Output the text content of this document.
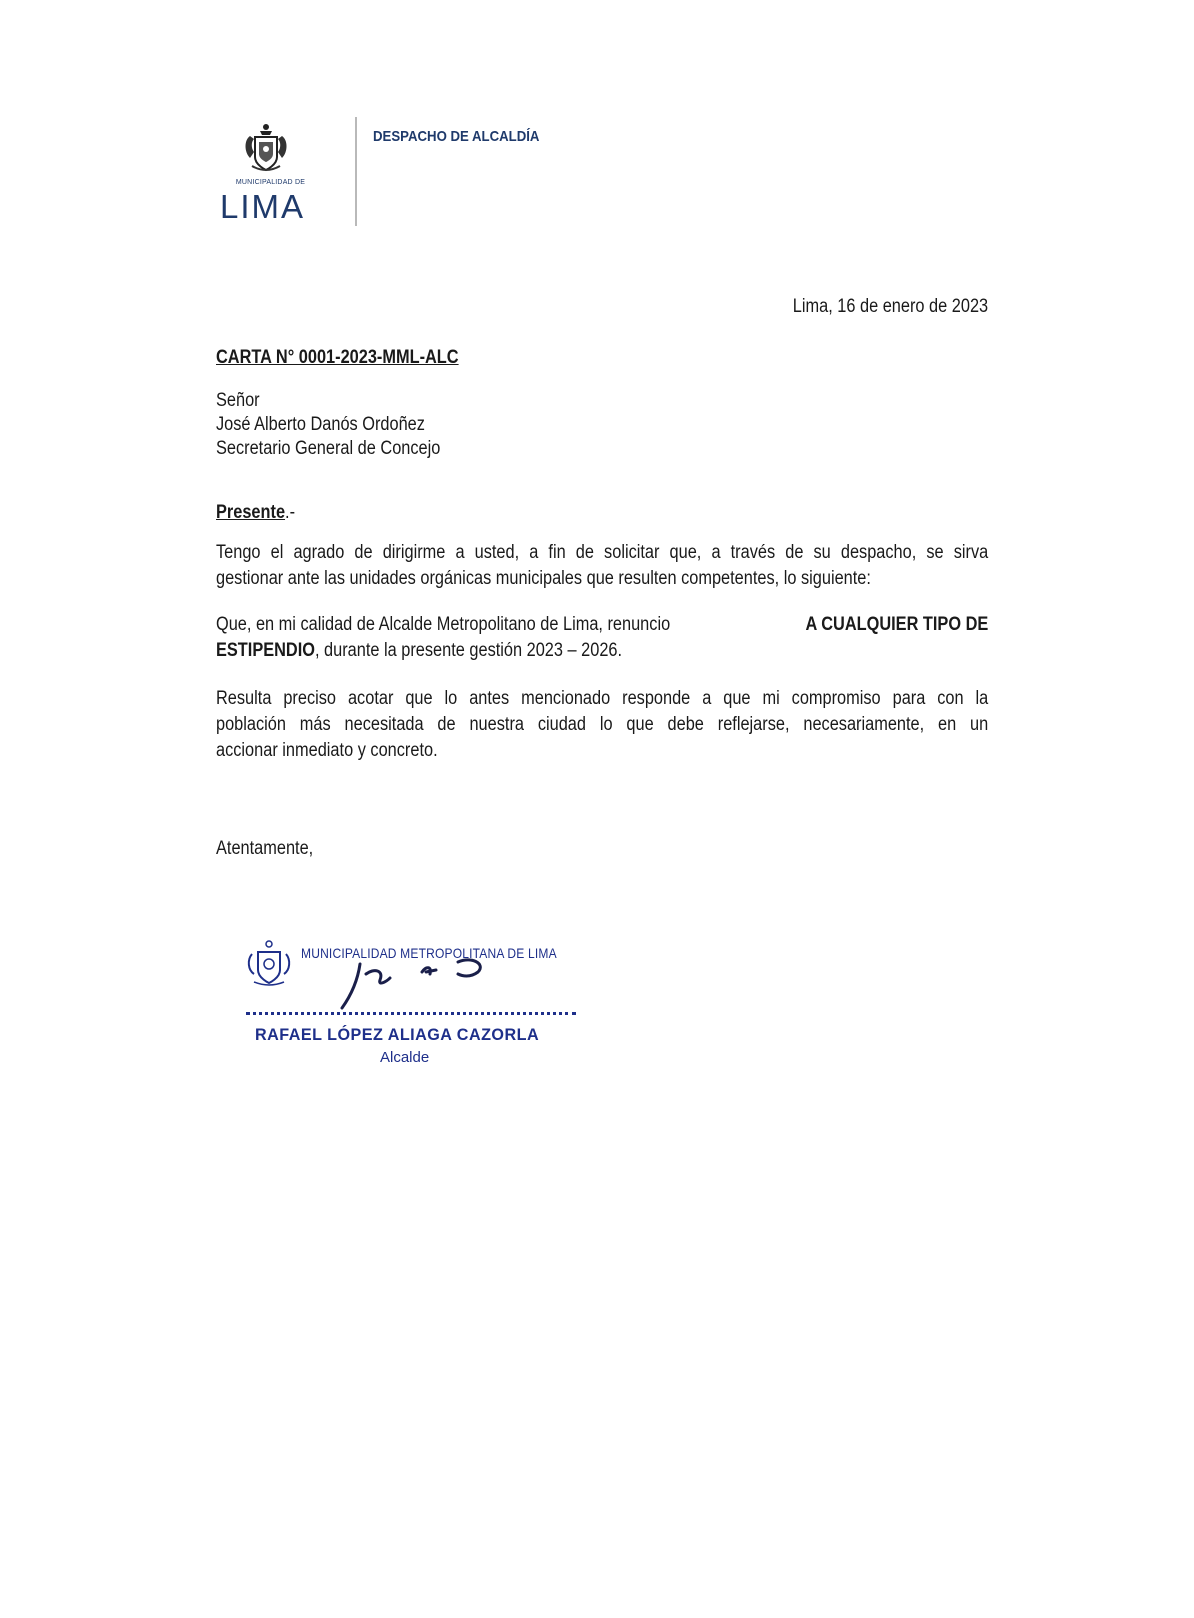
MUNICIPALIDAD DE
LIMA
DESPACHO DE ALCALDÍA
Lima, 16 de enero de 2023
CARTA N° 0001-2023-MML-ALC
Señor
José Alberto Danós Ordoñez
Secretario General de Concejo
Presente.-
Tengo el agrado de dirigirme a usted, a fin de solicitar que, a través de su despacho, se sirva
gestionar ante las unidades orgánicas municipales que resulten competentes, lo siguiente:
Que, en mi calidad de Alcalde Metropolitano de Lima, renuncio	A CUALQUIER TIPO DE
ESTIPENDIO, durante la presente gestión 2023 – 2026.
Resulta preciso acotar que lo antes mencionado responde a que mi compromiso para con la
población más necesitada de nuestra ciudad lo que debe reflejarse, necesariamente, en un
accionar inmediato y concreto.
Atentamente,
MUNICIPALIDAD METROPOLITANA DE LIMA
RAFAEL LÓPEZ ALIAGA CAZORLA
Alcalde
